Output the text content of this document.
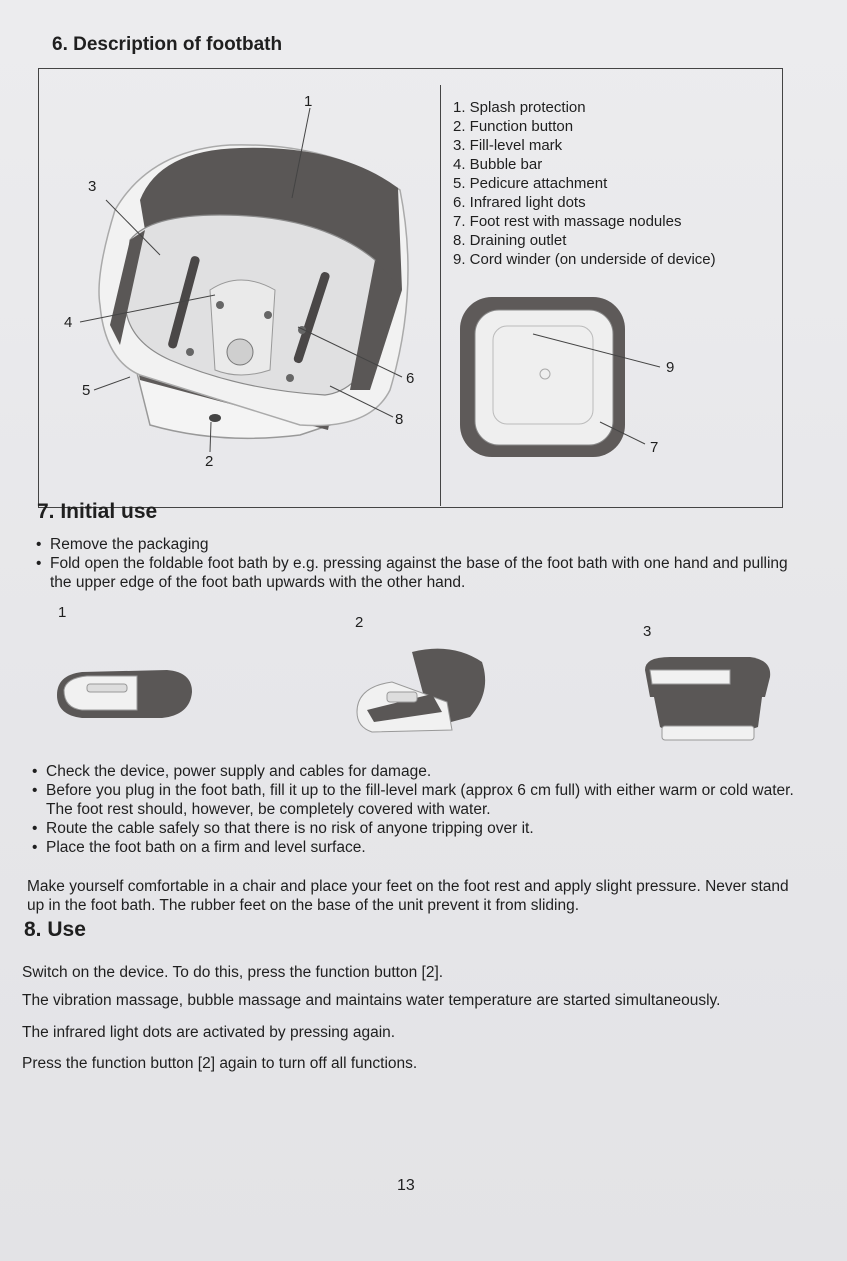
6. Description of footbath
1
2
3
4
5
6
8
1. Splash protection
2. Function button
3. Fill-level mark
4. Bubble bar
5. Pedicure attachment
6. Infrared light dots
7. Foot rest with massage nodules
8. Draining outlet
9. Cord winder (on underside of device)
9
7
7. Initial use
• Remove the packaging
• Fold open the foldable foot bath by e.g. pressing against the base of the foot bath with one hand and pulling the upper edge of the foot bath upwards with the other hand.
1
2
3
• Check the device, power supply and cables for damage.
• Before you plug in the foot bath, fill it up to the fill-level mark (approx 6 cm full) with either warm or cold water. The foot rest should, however, be completely covered with water.
• Route the cable safely so that there is no risk of anyone tripping over it.
• Place the foot bath on a firm and level surface.

Make yourself comfortable in a chair and place your feet on the foot rest and apply slight pressure. Never stand up in the foot bath. The rubber feet on the base of the unit prevent it from sliding.

8. Use

Switch on the device. To do this, press the function button [2].

The vibration massage, bubble massage and maintains water temperature are started simultaneously.

The infrared light dots are activated by pressing again.

Press the function button [2] again to turn off all functions.

13
